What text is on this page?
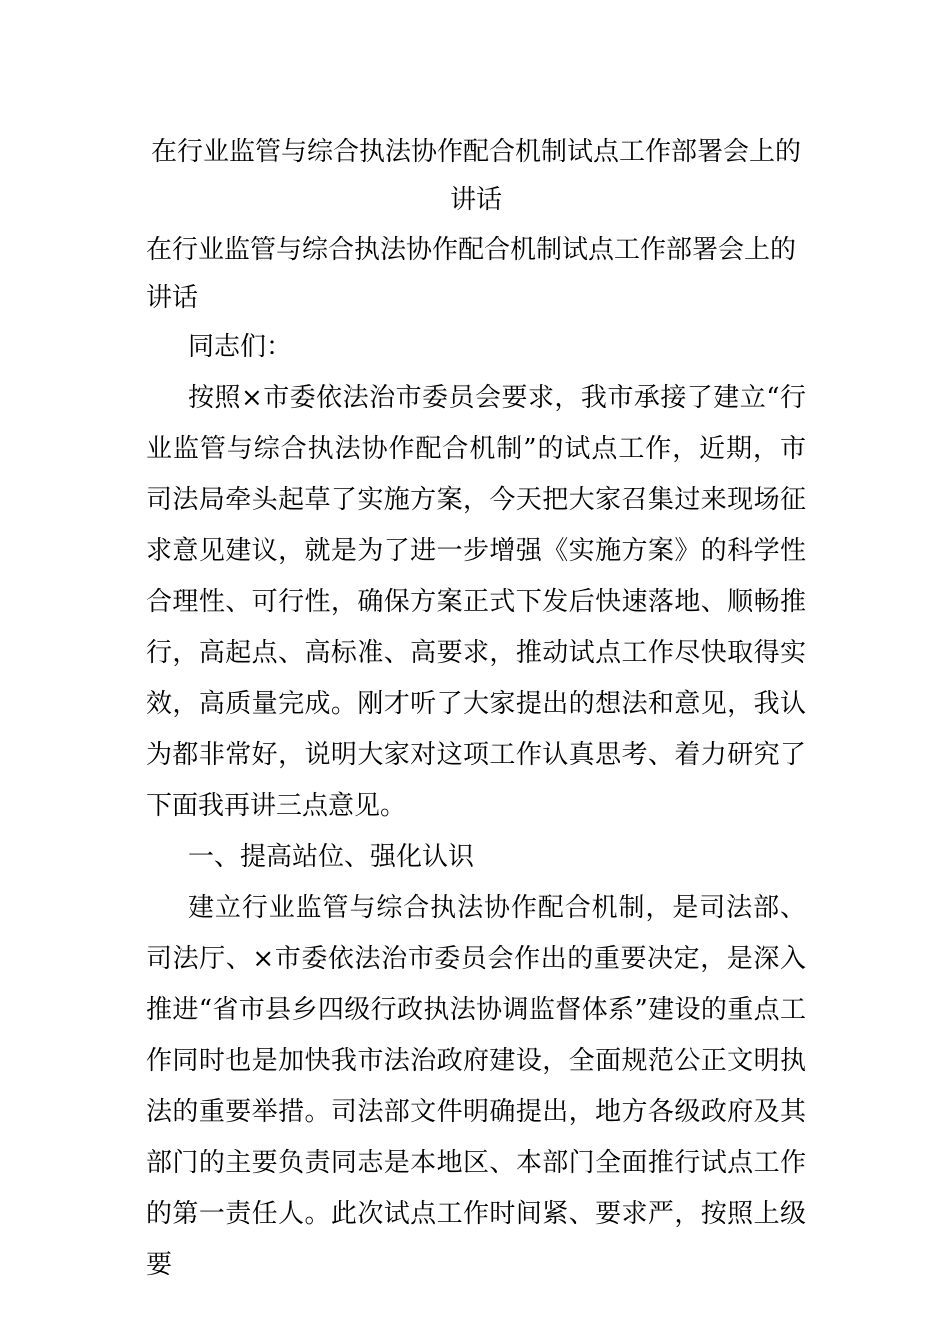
在行业监管与综合执法协作配合机制试点工作部署会上的讲话
在行业监管与综合执法协作配合机制试点工作部署会上的讲话

同志们：

按照×市委依法治市委员会要求，我市承接了建立“行业监管与综合执法协作配合机制”的试点工作，近期，市司法局牵头起草了实施方案，今天把大家召集过来现场征求意见建议，就是为了进一步增强《实施方案》的科学性合理性、可行性，确保方案正式下发后快速落地、顺畅推行，高起点、高标准、高要求，推动试点工作尽快取得实效，高质量完成。刚才听了大家提出的想法和意见，我认为都非常好，说明大家对这项工作认真思考、着力研究了下面我再讲三点意见。

一、提高站位、强化认识

建立行业监管与综合执法协作配合机制，是司法部、司法厅、×市委依法治市委员会作出的重要决定，是深入推进“省市县乡四级行政执法协调监督体系”建设的重点工作同时也是加快我市法治政府建设，全面规范公正文明执法的重要举措。司法部文件明确提出，地方各级政府及其部门的主要负责同志是本地区、本部门全面推行试点工作的第一责任人。此次试点工作时间紧、要求严，按照上级要
